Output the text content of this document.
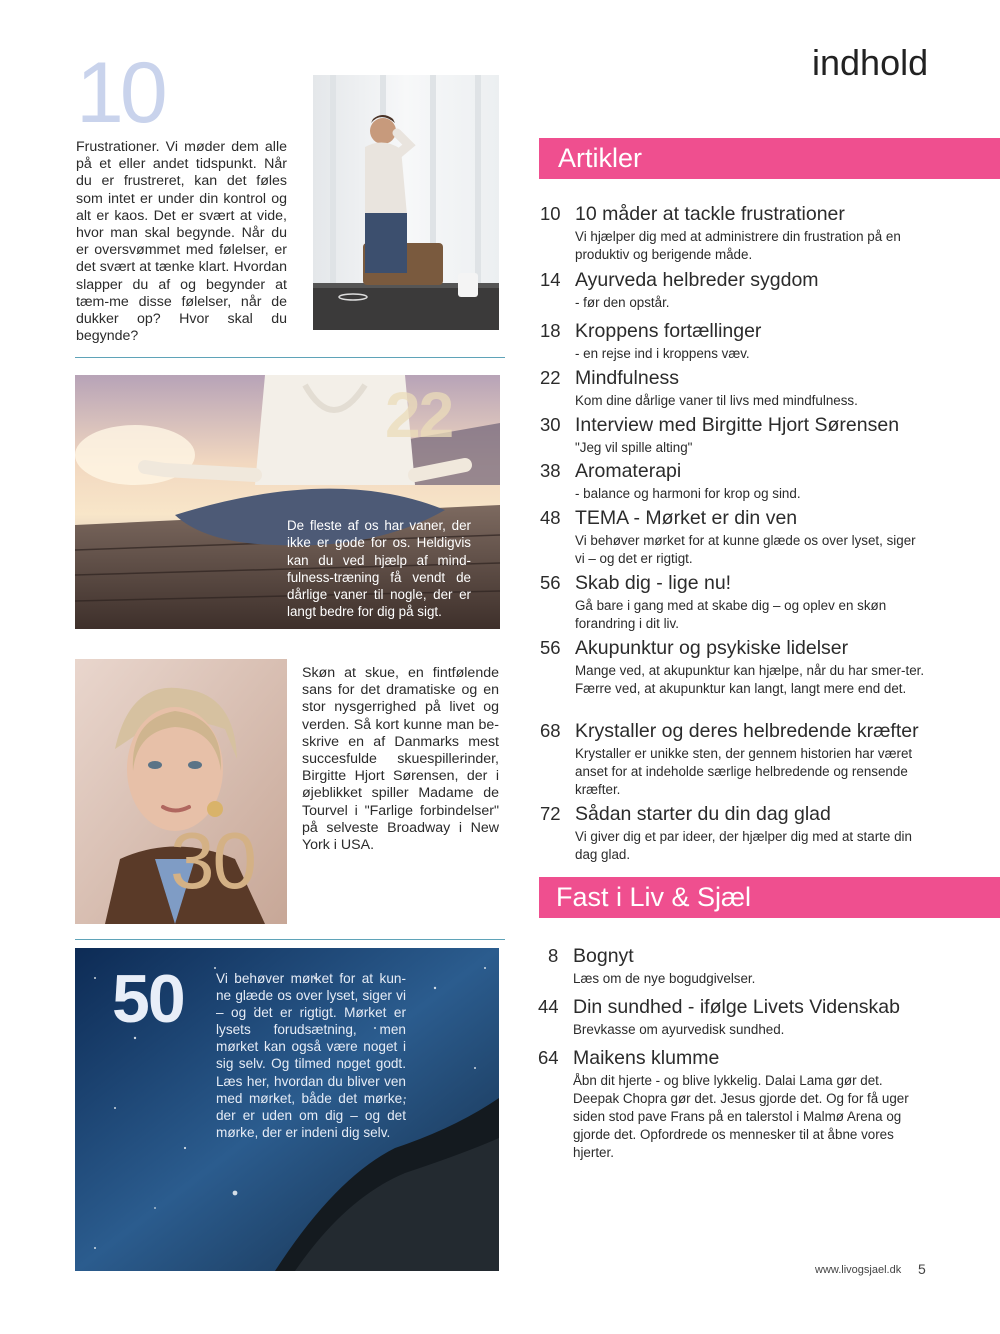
10
Frustrationer. Vi møder dem alle på et eller andet tidspunkt. Når du er frustreret, kan det føles som intet er under din kontrol og alt er kaos. Det er svært at vide, hvor man skal begynde. Når du er oversvømmet med følelser, er det svært at tænke klart. Hvordan slapper du af og begynder at tæm-me disse følelser, når de dukker op? Hvor skal du begynde?
22
De fleste af os har vaner, der ikke er gode for os. Heldigvis kan du ved hjælp af mind-fulness-træning få vendt de dårlige vaner til nogle, der er langt bedre for dig på sigt.
30
Skøn at skue, en fintfølende sans for det dramatiske og en stor nysgerrighed på livet og verden. Så kort kunne man be-skrive en af Danmarks mest succesfulde skuespillerinder, Birgitte Hjort Sørensen, der i øjeblikket spiller Madame de Tourvel i "Farlige forbindelser" på selveste Broadway i New York i USA.
50 Vi behøver mørket for at kun-ne glæde os over lyset, siger vi – og det er rigtigt. Mørket er lysets forudsætning, men mørket kan også være noget i sig selv. Og tilmed noget godt. Læs her, hvordan du bliver ven med mørket, både det mørke, der er uden om dig – og det mørke, der er indeni dig selv.
indhold
Artikler
10 10 måder at tackle frustrationer
Vi hjælper dig med at administrere din frustration på en produktiv og berigende måde.
14 Ayurveda helbreder sygdom
- før den opstår.
18 Kroppens fortællinger
- en rejse ind i kroppens væv.
22 Mindfulness
Kom dine dårlige vaner til livs med mindfulness.
30 Interview med Birgitte Hjort Sørensen
"Jeg vil spille alting"
38 Aromaterapi
- balance og harmoni for krop og sind.
48 TEMA - Mørket er din ven
Vi behøver mørket for at kunne glæde os over lyset, siger vi – og det er rigtigt.
56 Skab dig - lige nu!
Gå bare i gang med at skabe dig – og oplev en skøn forandring i dit liv.
56 Akupunktur og psykiske lidelser
Mange ved, at akupunktur kan hjælpe, når du har smer-ter. Færre ved, at akupunktur kan langt, langt mere end det.
68 Krystaller og deres helbredende kræfter
Krystaller er unikke sten, der gennem historien har været anset for at indeholde særlige helbredende og rensende kræfter.
72 Sådan starter du din dag glad
Vi giver dig et par ideer, der hjælper dig med at starte din dag glad.
Fast i Liv & Sjæl
8 Bognyt
Læs om de nye bogudgivelser.
44 Din sundhed - ifølge Livets Videnskab
Brevkasse om ayurvedisk sundhed.
64 Maikens klumme
Åbn dit hjerte - og blive lykkelig. Dalai Lama gør det. Deepak Chopra gør det. Jesus gjorde det. Og for få uger siden stod pave Frans på en talerstol i Malmø Arena og gjorde det. Opfordrede os mennesker til at åbne vores hjerter.
www.livogsjael.dk 5
